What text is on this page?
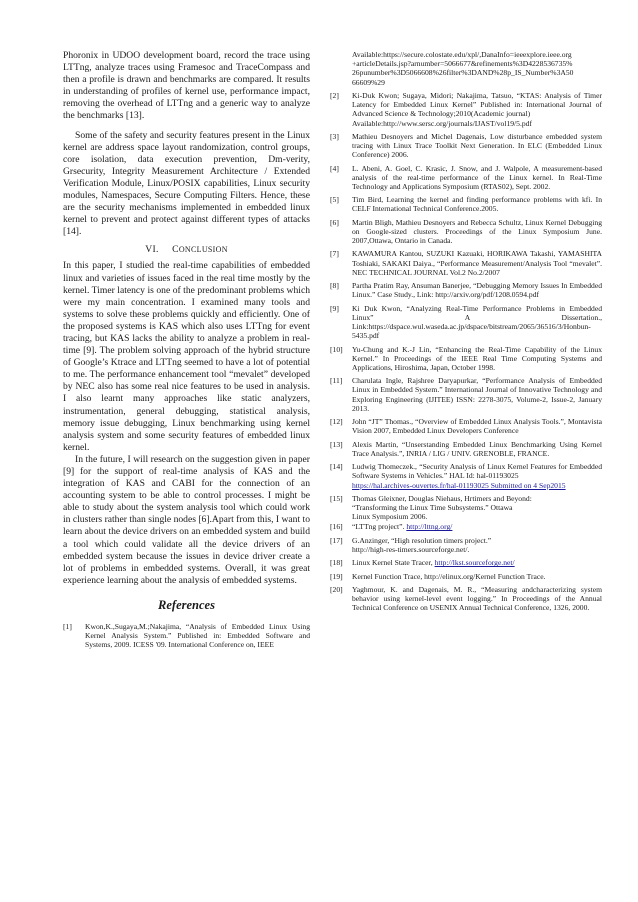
Phoronix in UDOO development board, record the trace using LTTng, analyze traces using Framesoc and TraceCompass and then a profile is drawn and benchmarks are compared. It results in understanding of profiles of kernel use, performance impact, removing the overhead of LTTng and a generic way to analyze the benchmarks [13].

Some of the safety and security features present in the Linux kernel are address space layout randomization, control groups, core isolation, data execution prevention, Dm-verity, Grsecurity, Integrity Measurement Architecture / Extended Verification Module, Linux/POSIX capabilities, Linux security modules, Namespaces, Secure Computing Filters. Hence, these are the security mechanisms implemented in embedded linux kernel to prevent and protect against different types of attacks [14].

VI. CONCLUSION

In this paper, I studied the real-time capabilities of embedded linux and varieties of issues faced in the real time mostly by the kernel. Timer latency is one of the predominant problems which were my main concentration. I examined many tools and systems to solve these problems quickly and efficiently. One of the proposed systems is KAS which also uses LTTng for event tracing, but KAS lacks the ability to analyze a problem in real-time [9]. The problem solving approach of the hybrid structure of Google’s Ktrace and LTTng seemed to have a lot of potential to me. The performance enhancement tool “mevalet” developed by NEC also has some real nice features to be used in analysis. I also learnt many approaches like static analyzers, instrumentation, general debugging, statistical analysis, memory issue debugging, Linux benchmarking using kernel analysis system and some security features of embedded linux kernel.

In the future, I will research on the suggestion given in paper [9] for the support of real-time analysis of KAS and the integration of KAS and CABI for the connection of an accounting system to be able to control processes. I might be able to study about the system analysis tool which could work in clusters rather than single nodes [6].Apart from this, I want to learn about the device drivers on an embedded system and build a tool which could validate all the device drivers of an embedded system because the issues in device driver create a lot of problems in embedded systems. Overall, it was great experience learning about the analysis of embedded systems.

References
[1]	Kwon,K.,Sugaya,M.;Nakajima, “Analysis of Embedded Linux Using Kernel Analysis System.” Published in: Embedded Software and Systems, 2009. ICESS '09. International Conference on, IEEE
Available:https://secure.colostate.edu/xpl/,DanaInfo=ieeexplore.ieee.org +articleDetails.jsp?arnumber=5066677&refinements%3D4228536735% 26punumber%3D5066608%26filter%3DAND%28p_IS_Number%3A50 66609%29
[2]	Ki-Duk Kwon; Sugaya, Midori; Nakajima, Tatsuo, “KTAS: Analysis of Timer Latency for Embedded Linux Kernel” Published in: International Journal of Advanced Science & Technology;2010(Academic journal)
Available:http://www.sersc.org/journals/IJAST/vol19/5.pdf
[3]	Mathieu Desnoyers and Michel Dagenais, Low disturbance embedded system tracing with Linux Trace Toolkit Next Generation. In ELC (Embedded Linux Conference) 2006.
[4]	L. Abeni, A. Goel, C. Krasic, J. Snow, and J. Walpole, A measurement-based analysis of the real-time performance of the Linux kernel. In Real-Time Technology and Applications Symposium (RTAS02), Sept. 2002.
[5]	Tim Bird, Learning the kernel and finding performance problems with kfi. In CELF International Technical Conference.2005.
[6]	Martin Bligh, Mathieu Desnoyers and Rebecca Schultz, Linux Kernel Debugging on Google-sized clusters. Proceedings of the Linux Symposium June. 2007,Ottawa, Ontario in Canada.
[7]	KAWAMURA Kantou, SUZUKI Kazuaki, HORIKAWA Takashi, YAMASHITA Toshiaki, SAKAKI Daiya., “Performance Measurement/Analysis Tool “mevalet”. NEC TECHNICAL JOURNAL Vol.2 No.2/2007
[8]	Partha Pratim Ray, Ansuman Banerjee, “Debugging Memory Issues In Embedded Linux.” Case Study., Link: http://arxiv.org/pdf/1208.0594.pdf
[9]	Ki Duk Kwon, “Analyzing Real-Time Performance Problems in Embedded Linux” A Dissertation., Link:https://dspace.wul.waseda.ac.jp/dspace/bitstream/2065/36516/3/Honbun-5435.pdf
[10]	Yu-Chung and K.-J Lin, “Enhancing the Real-Time Capability of the Linux Kernel.” In Proceedings of the IEEE Real Time Computing Systems and Applications, Hiroshima, Japan, October 1998.
[11]	Charulata Ingle, Rajshree Daryapurkar, “Performance Analysis of Embedded Linux in Embedded System.” International Journal of Innovative Technology and Exploring Engineering (IJITEE) ISSN: 2278-3075, Volume-2, Issue-2, January 2013.
[12]	John “JT” Thomas., “Overview of Embedded Linux Analysis Tools.”, Montavista Vision 2007, Embedded Linux Developers Conference
[13]	Alexis Martin, “Unserstanding Embedded Linux Benchmarking Using Kernel Trace Analysis.”, INRIA / LIG / UNIV. GRENOBLE, FRANCE.
[14]	Ludwig Thomeczek., “Security Analysis of Linux Kernel Features for Embedded Software Systems in Vehicles.” HAL Id: hal-01193025
https://hal.archives-ouvertes.fr/hal-01193025 Submitted on 4 Sep2015
[15]	Thomas Gleixner, Douglas Niehaus, Hrtimers and Beyond:
“Transforming the Linux Time Subsystems.” Ottawa
Linux Symposium 2006.
[16]	“LTTng project”. http://lttng.org/
[17]	G.Anzinger, “High resolution timers project.”
http://high-res-timers.sourceforge.net/.
[18]	Linux Kernel State Tracer, http://lkst.sourceforge.net/
[19]	Kernel Function Trace, http://elinux.org/Kernel Function Trace.
[20]	Yaghmour, K. and Dagenais, M. R., “Measuring andcharacterizing system behavior using kernel-level event logging.” In Proceedings of the Annual Technical Conference on USENIX Annual Technical Conference, 1326, 2000.
